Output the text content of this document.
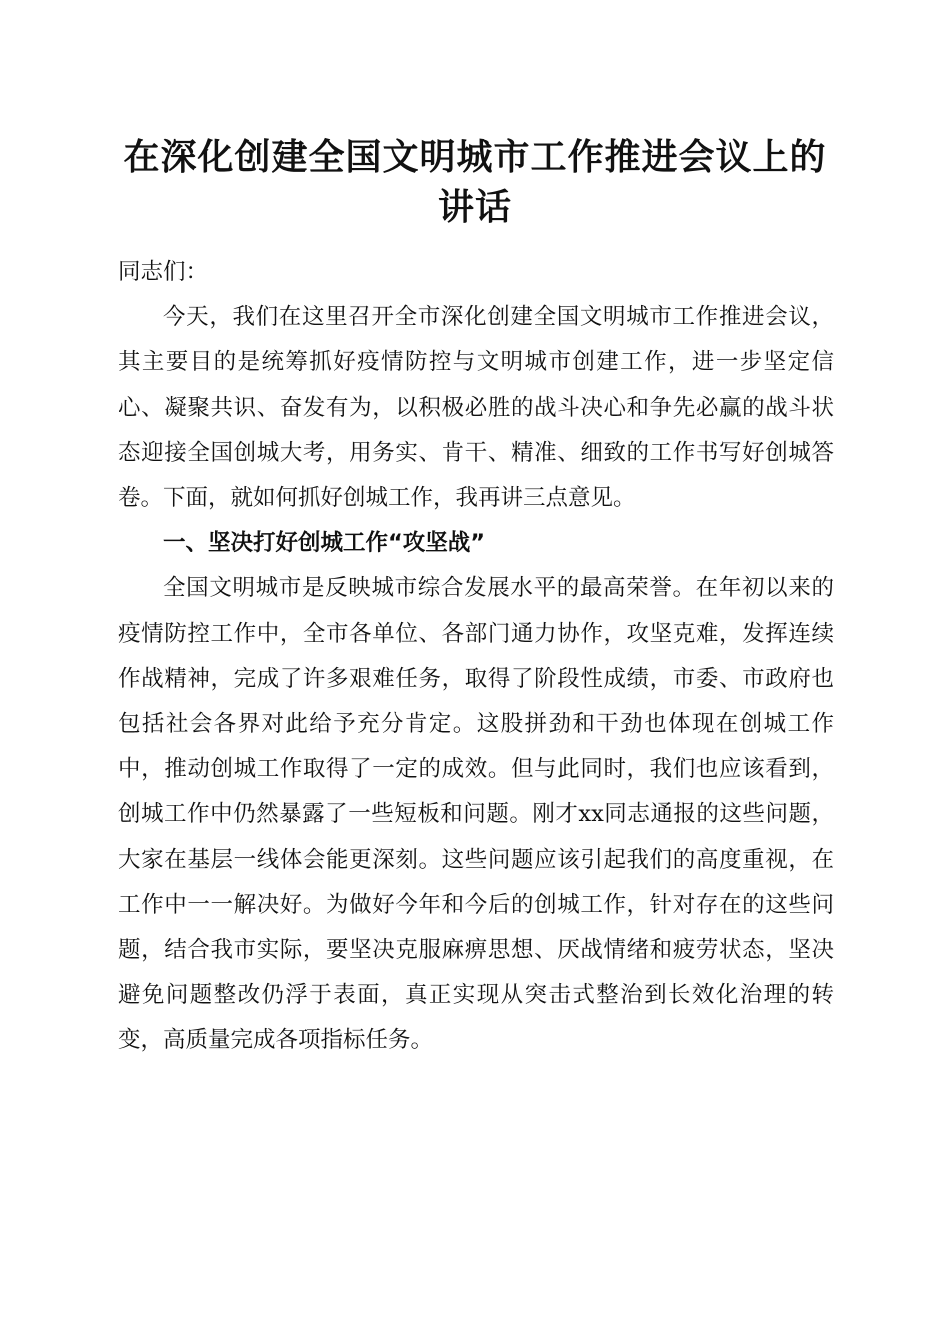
在深化创建全国文明城市工作推进会议上的讲话

同志们：

今天，我们在这里召开全市深化创建全国文明城市工作推进会议，其主要目的是统筹抓好疫情防控与文明城市创建工作，进一步坚定信心、凝聚共识、奋发有为，以积极必胜的战斗决心和争先必赢的战斗状态迎接全国创城大考，用务实、肯干、精准、细致的工作书写好创城答卷。下面，就如何抓好创城工作，我再讲三点意见。

一、坚决打好创城工作“攻坚战”

全国文明城市是反映城市综合发展水平的最高荣誉。在年初以来的疫情防控工作中，全市各单位、各部门通力协作，攻坚克难，发挥连续作战精神，完成了许多艰难任务，取得了阶段性成绩，市委、市政府也包括社会各界对此给予充分肯定。这股拼劲和干劲也体现在创城工作中，推动创城工作取得了一定的成效。但与此同时，我们也应该看到，创城工作中仍然暴露了一些短板和问题。刚才xx同志通报的这些问题，大家在基层一线体会能更深刻。这些问题应该引起我们的高度重视，在工作中一一解决好。为做好今年和今后的创城工作，针对存在的这些问题，结合我市实际，要坚决克服麻痹思想、厌战情绪和疲劳状态，坚决避免问题整改仍浮于表面，真正实现从突击式整治到长效化治理的转变，高质量完成各项指标任务。
